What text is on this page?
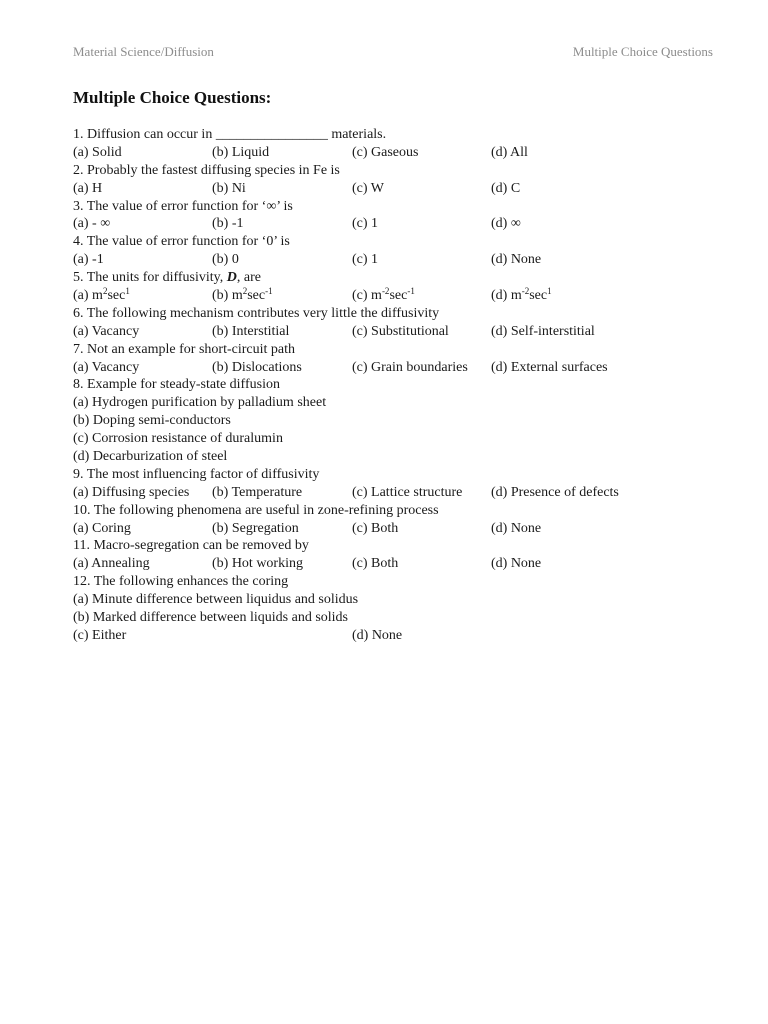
Material Science/Diffusion	Multiple Choice Questions
Multiple Choice Questions:
1. Diffusion can occur in ________________ materials.
(a) Solid	(b) Liquid	(c) Gaseous	(d) All
2. Probably the fastest diffusing species in Fe is
(a) H	(b) Ni	(c) W	(d) C
3. The value of error function for ‘∞’ is
(a) - ∞	(b) -1	(c) 1	(d) ∞
4. The value of error function for ‘0’ is
(a) -1	(b) 0	(c) 1	(d) None
5. The units for diffusivity, D, are
(a) $m^2\sec^1$	(b) $m^2\sec^{-1}$	(c) $m^{-2}\sec^{-1}$	(d) $m^{-2}\sec^1$
6. The following mechanism contributes very little the diffusivity
(a) Vacancy	(b) Interstitial	(c) Substitutional	(d) Self-interstitial
7. Not an example for short-circuit path
(a) Vacancy	(b) Dislocations	(c) Grain boundaries (d) External surfaces
8. Example for steady-state diffusion
(a) Hydrogen purification by palladium sheet
(b) Doping semi-conductors
(c) Corrosion resistance of duralumin
(d) Decarburization of steel
9. The most influencing factor of diffusivity
(a) Diffusing species (b) Temperature	(c) Lattice structure (d) Presence of defects
10. The following phenomena are useful in zone-refining process
(a) Coring	(b) Segregation	(c) Both	(d) None
11. Macro-segregation can be removed by
(a) Annealing	(b) Hot working	(c) Both	(d) None
12. The following enhances the coring
(a) Minute difference between liquidus and solidus
(b) Marked difference between liquids and solids
(c) Either	(d) None
